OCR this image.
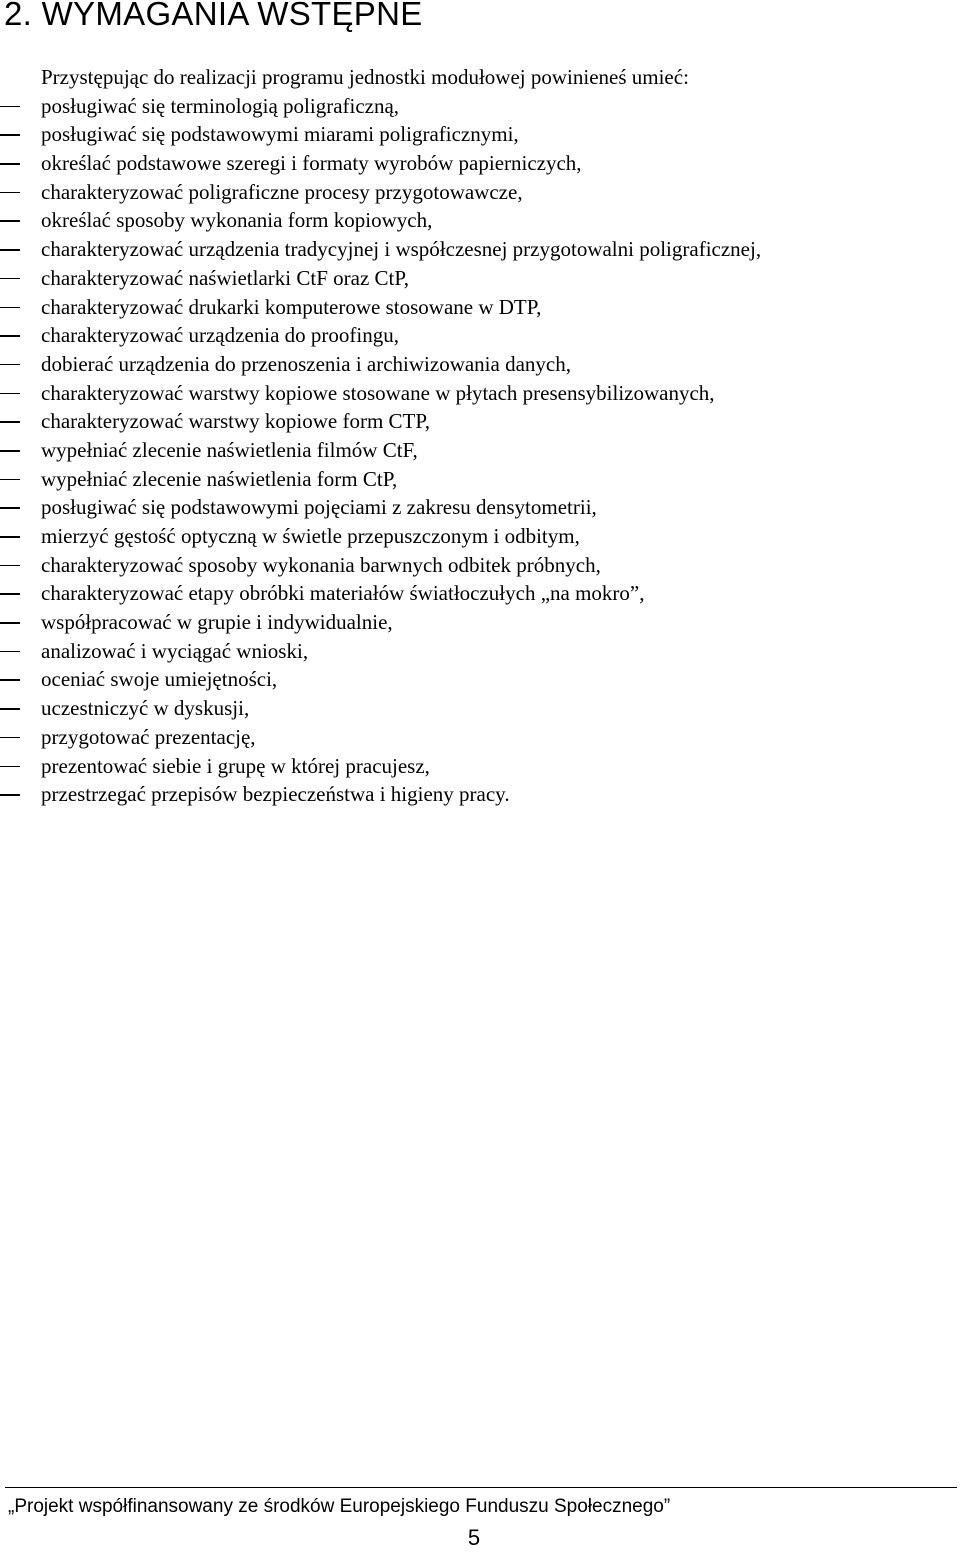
2. WYMAGANIA WSTĘPNE
Przystępując do realizacji programu jednostki modułowej powinieneś umieć:
posługiwać się terminologią poligraficzną,
posługiwać się podstawowymi miarami poligraficznymi,
określać podstawowe szeregi i formaty wyrobów papierniczych,
charakteryzować poligraficzne procesy przygotowawcze,
określać sposoby wykonania form kopiowych,
charakteryzować urządzenia tradycyjnej i współczesnej przygotowalni poligraficznej,
charakteryzować naświetlarki CtF oraz CtP,
charakteryzować drukarki komputerowe stosowane w DTP,
charakteryzować urządzenia do proofingu,
dobierać urządzenia do przenoszenia i archiwizowania danych,
charakteryzować warstwy kopiowe stosowane w płytach presensybilizowanych,
charakteryzować warstwy kopiowe form CTP,
wypełniać zlecenie naświetlenia filmów CtF,
wypełniać zlecenie naświetlenia form CtP,
posługiwać się podstawowymi pojęciami z zakresu densytometrii,
mierzyć gęstość optyczną w świetle przepuszczonym i odbitym,
charakteryzować sposoby wykonania barwnych odbitek próbnych,
charakteryzować etapy obróbki materiałów światłoczułych „na mokro”,
współpracować w grupie i indywidualnie,
analizować i wyciągać wnioski,
oceniać swoje umiejętności,
uczestniczyć w dyskusji,
przygotować prezentację,
prezentować siebie i grupę w której pracujesz,
przestrzegać przepisów bezpieczeństwa i higieny pracy.
„Projekt współfinansowany ze środków Europejskiego Funduszu Społecznego”
5
